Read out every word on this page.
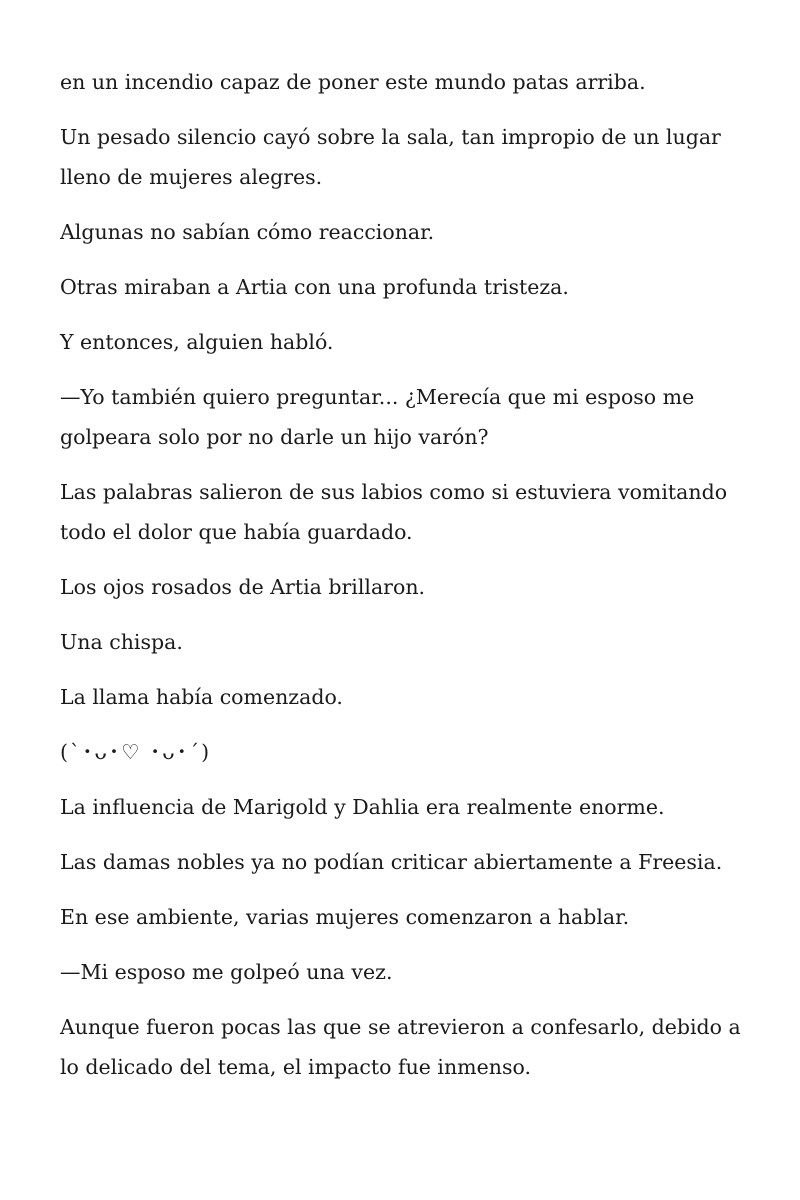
en un incendio capaz de poner este mundo patas arriba.

Un pesado silencio cayó sobre la sala, tan impropio de un lugar lleno de mujeres alegres.

Algunas no sabían cómo reaccionar.

Otras miraban a Artia con una profunda tristeza.

Y entonces, alguien habló.

—Yo también quiero preguntar... ¿Merecía que mi esposo me golpeara solo por no darle un hijo varón?

Las palabras salieron de sus labios como si estuviera vomitando todo el dolor que había guardado.

Los ojos rosados de Artia brillaron.

Una chispa.

La llama había comenzado.

(`･ᴗ･♡ ･ᴗ･´)

La influencia de Marigold y Dahlia era realmente enorme.

Las damas nobles ya no podían criticar abiertamente a Freesia.

En ese ambiente, varias mujeres comenzaron a hablar.

—Mi esposo me golpeó una vez.

Aunque fueron pocas las que se atrevieron a confesarlo, debido a lo delicado del tema, el impacto fue inmenso.
